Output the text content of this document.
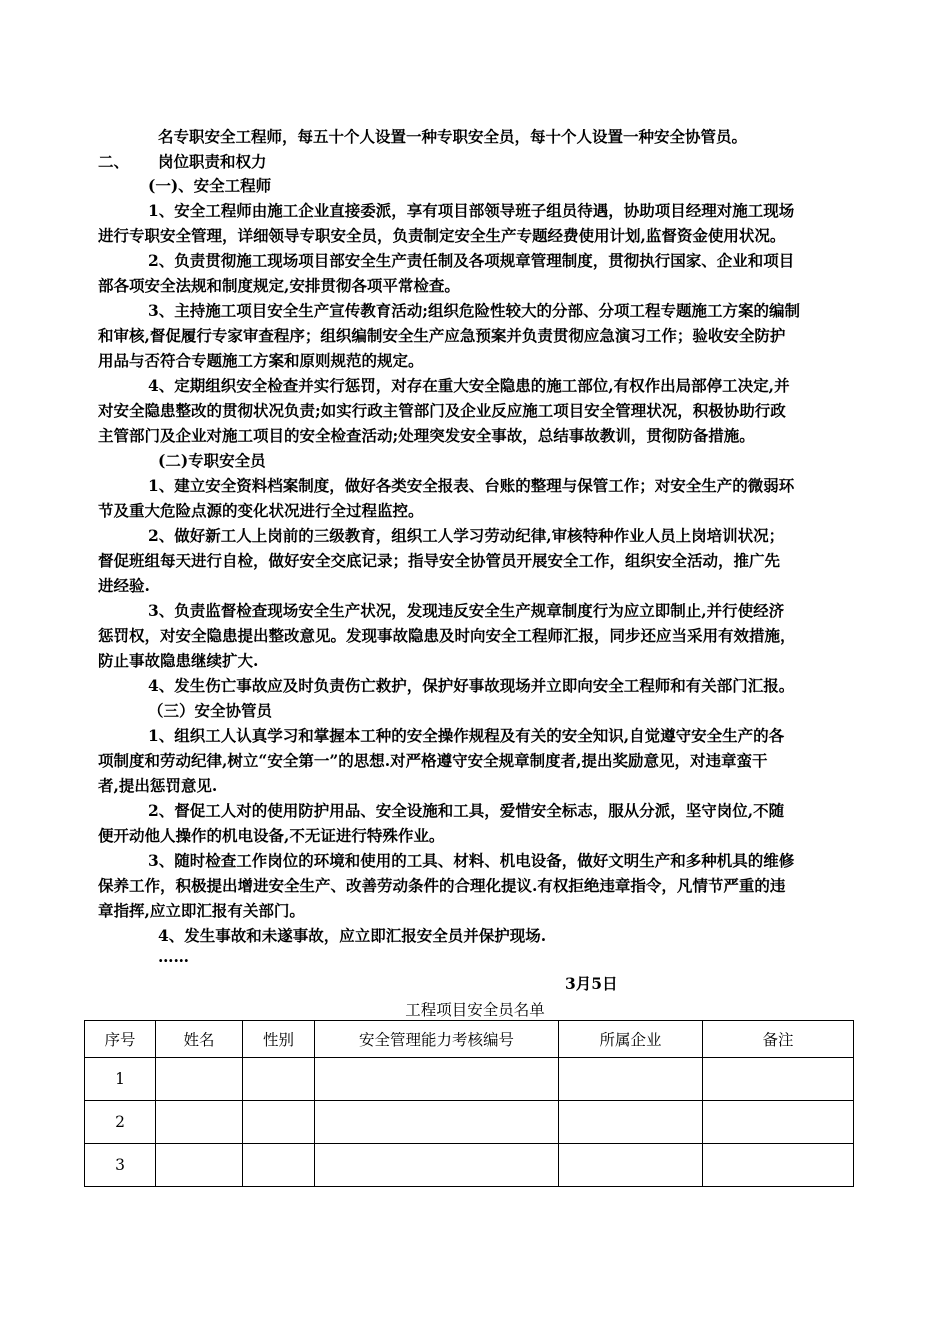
名专职安全工程师，每五十个人设置一种专职安全员，每十个人设置一种安全协管员。
二、 岗位职责和权力
(一)、安全工程师
1、安全工程师由施工企业直接委派，享有项目部领导班子组员待遇，协助项目经理对施工现场
进行专职安全管理，详细领导专职安全员，负责制定安全生产专题经费使用计划,监督资金使用状况。
2、负责贯彻施工现场项目部安全生产责任制及各项规章管理制度，贯彻执行国家、企业和项目
部各项安全法规和制度规定,安排贯彻各项平常检查。
3、主持施工项目安全生产宣传教育活动;组织危险性较大的分部、分项工程专题施工方案的编制
和审核,督促履行专家审查程序；组织编制安全生产应急预案并负责贯彻应急演习工作；验收安全防护
用品与否符合专题施工方案和原则规范的规定。
4、定期组织安全检查并实行惩罚，对存在重大安全隐患的施工部位,有权作出局部停工决定,并
对安全隐患整改的贯彻状况负责;如实行政主管部门及企业反应施工项目安全管理状况，积极协助行政
主管部门及企业对施工项目的安全检查活动;处理突发安全事故，总结事故教训，贯彻防备措施。
(二)专职安全员
1、建立安全资料档案制度，做好各类安全报表、台账的整理与保管工作；对安全生产的微弱环
节及重大危险点源的变化状况进行全过程监控。
2、做好新工人上岗前的三级教育，组织工人学习劳动纪律,审核特种作业人员上岗培训状况；
督促班组每天进行自检，做好安全交底记录；指导安全协管员开展安全工作，组织安全活动，推广先
进经验.
3、负责监督检查现场安全生产状况，发现违反安全生产规章制度行为应立即制止,并行使经济
惩罚权，对安全隐患提出整改意见。发现事故隐患及时向安全工程师汇报，同步还应当采用有效措施，
防止事故隐患继续扩大.
4、发生伤亡事故应及时负责伤亡救护，保护好事故现场并立即向安全工程师和有关部门汇报。
（三）安全协管员
1、组织工人认真学习和掌握本工种的安全操作规程及有关的安全知识,自觉遵守安全生产的各
项制度和劳动纪律,树立“安全第一”的思想.对严格遵守安全规章制度者,提出奖励意见，对违章蛮干
者,提出惩罚意见.
2、督促工人对的使用防护用品、安全设施和工具，爱惜安全标志，服从分派，坚守岗位,不随
便开动他人操作的机电设备,不无证进行特殊作业。
3、随时检查工作岗位的环境和使用的工具、材料、机电设备，做好文明生产和多种机具的维修
保养工作，积极提出增进安全生产、改善劳动条件的合理化提议.有权拒绝违章指令，凡情节严重的违
章指挥,应立即汇报有关部门。
4、发生事故和未遂事故，应立即汇报安全员并保护现场.
……
3月5日
工程项目安全员名单
序号	姓名	性别	安全管理能力考核编号	所属企业	备注
1					
2					
3					
